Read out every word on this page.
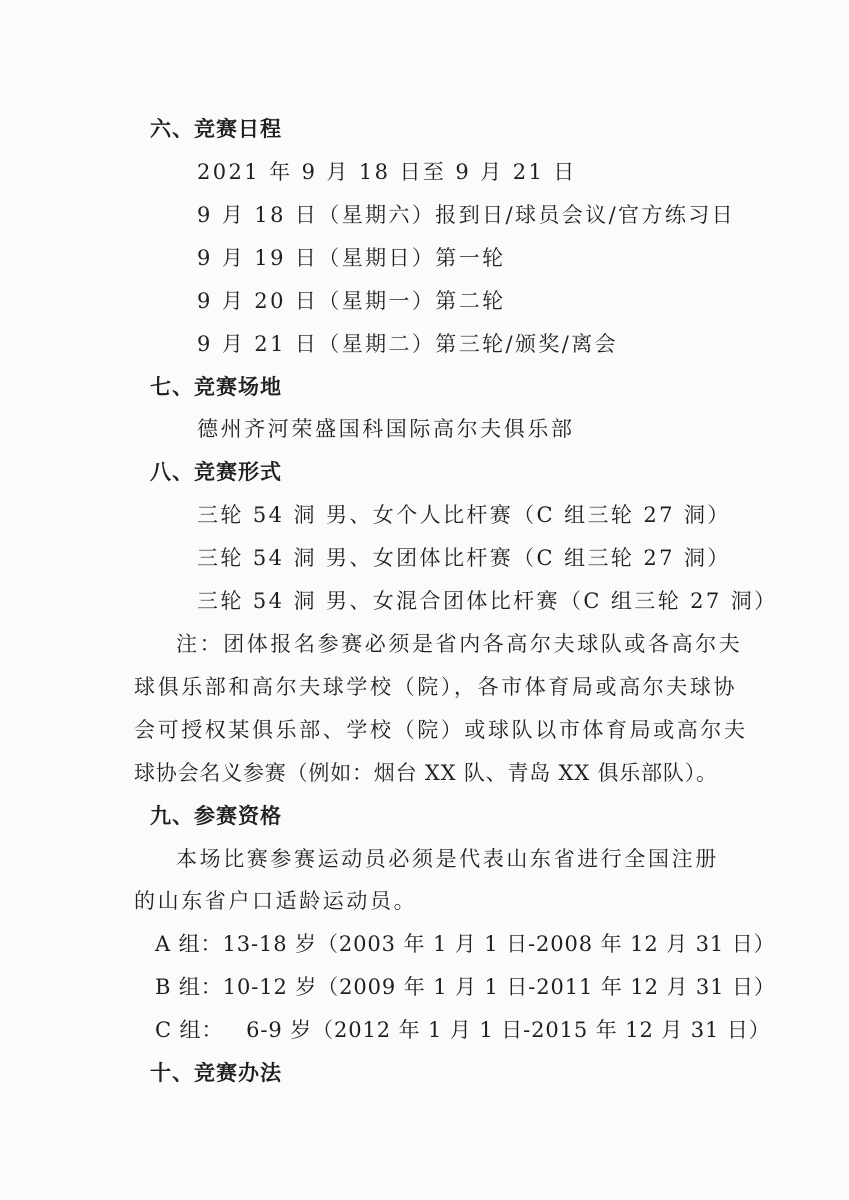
六、竞赛日程
2021 年 9 月 18 日至 9 月 21 日
9 月 18 日（星期六）报到日/球员会议/官方练习日
9 月 19 日（星期日）第一轮
9 月 20 日（星期一）第二轮
9 月 21 日（星期二）第三轮/颁奖/离会
七、竞赛场地
德州齐河荣盛国科国际高尔夫俱乐部
八、竞赛形式
三轮 54 洞 男、女个人比杆赛（C 组三轮 27 洞）
三轮 54 洞 男、女团体比杆赛（C 组三轮 27 洞）
三轮 54 洞 男、女混合团体比杆赛（C 组三轮 27 洞）
注：团体报名参赛必须是省内各高尔夫球队或各高尔夫
球俱乐部和高尔夫球学校（院），各市体育局或高尔夫球协
会可授权某俱乐部、学校（院）或球队以市体育局或高尔夫
球协会名义参赛（例如：烟台 XX 队、青岛 XX 俱乐部队）。
九、参赛资格
本场比赛参赛运动员必须是代表山东省进行全国注册
的山东省户口适龄运动员。
A 组：13-18 岁（2003 年 1 月 1 日-2008 年 12 月 31 日）
B 组：10-12 岁（2009 年 1 月 1 日-2011 年 12 月 31 日）
C 组：   6-9 岁（2012 年 1 月 1 日-2015 年 12 月 31 日）
十、竞赛办法
